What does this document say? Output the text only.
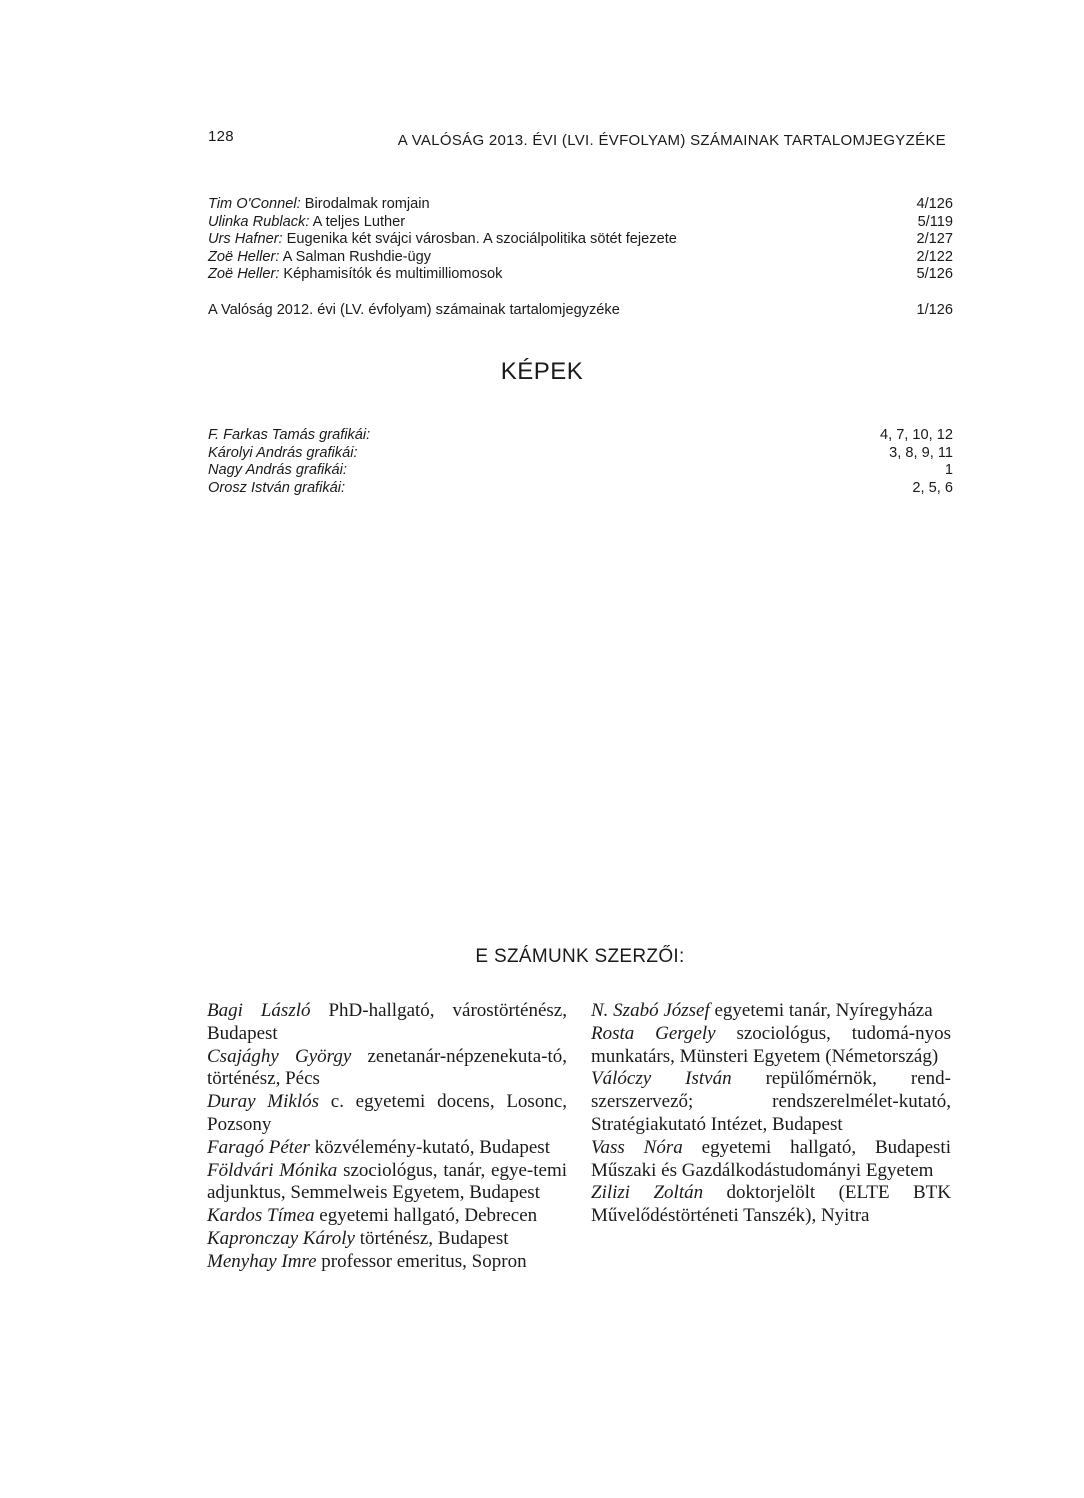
128	A VALÓSÁG 2013. ÉVI (LVI. ÉVFOLYAM) SZÁMAINAK TARTALOMJEGYZÉKE
Tim O'Connel: Birodalmak romjain	4/126
Ulinka Rublack: A teljes Luther	5/119
Urs Hafner: Eugenika két svájci városban. A szociálpolitika sötét fejezete	2/127
Zoë Heller: A Salman Rushdie-ügy	2/122
Zoë Heller: Képhamisítók és multimilliomosok	5/126
A Valóság 2012. évi (LV. évfolyam) számainak tartalomjegyzéke	1/126
KÉPEK
F. Farkas Tamás grafikái:	4, 7, 10, 12
Károlyi András grafikái:	3, 8, 9, 11
Nagy András grafikái:	1
Orosz István grafikái:	2, 5, 6
E SZÁMUNK SZERZŐI:

Bagi László PhD-hallgató, várostörténész, Budapest

Csajághy György zenetanár-népzenekuta-tó, történész, Pécs

Duray Miklós c. egyetemi docens, Losonc, Pozsony

Faragó Péter közvélemény-kutató, Budapest

Földvári Mónika szociológus, tanár, egye-temi adjunktus, Semmelweis Egyetem, Budapest

Kardos Tímea egyetemi hallgató, Debrecen

Kapronczay Károly történész, Budapest

Menyhay Imre professor emeritus, Sopron

N. Szabó József egyetemi tanár, Nyíregyháza

Rosta Gergely szociológus, tudomá-nyos munkatárs, Münsteri Egyetem (Németország)

Válóczy István repülőmérnök, rend-szerszervező; rendszerelmélet-kutató, Stratégiakutató Intézet, Budapest

Vass Nóra egyetemi hallgató, Budapesti Műszaki és Gazdálkodástudományi Egyetem

Zilizi Zoltán doktorjelölt (ELTE BTK Művelődéstörténeti Tanszék), Nyitra
